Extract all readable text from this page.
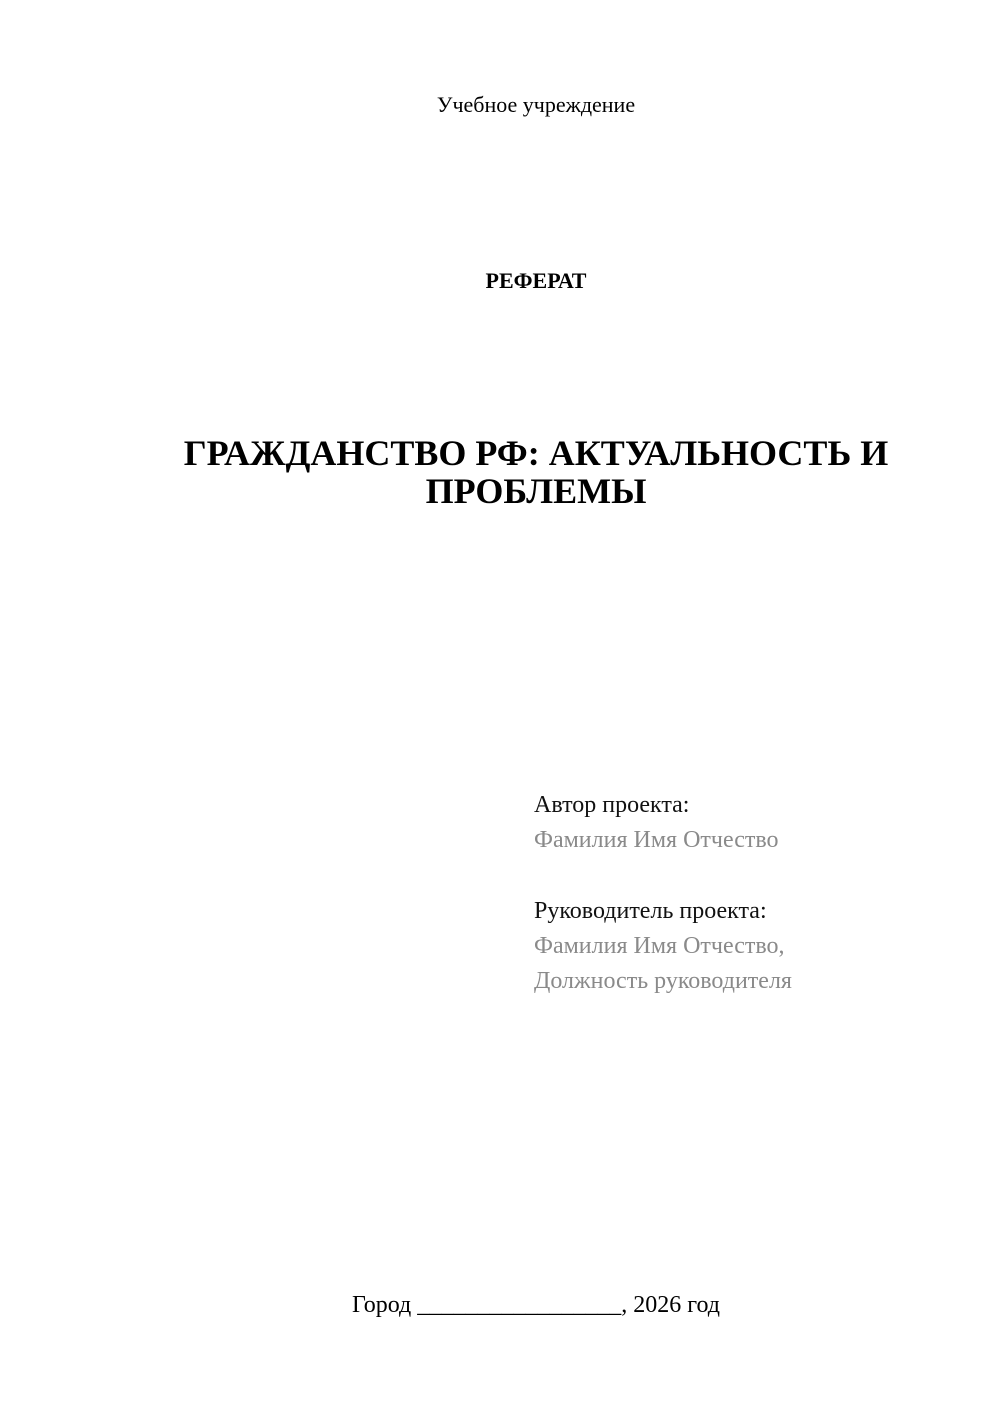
Учебное учреждение
РЕФЕРАТ
ГРАЖДАНСТВО РФ: АКТУАЛЬНОСТЬ И ПРОБЛЕМЫ
Автор проекта:
Фамилия Имя Отчество
Руководитель проекта:
Фамилия Имя Отчество,
Должность руководителя
Город _________________, 2026 год
